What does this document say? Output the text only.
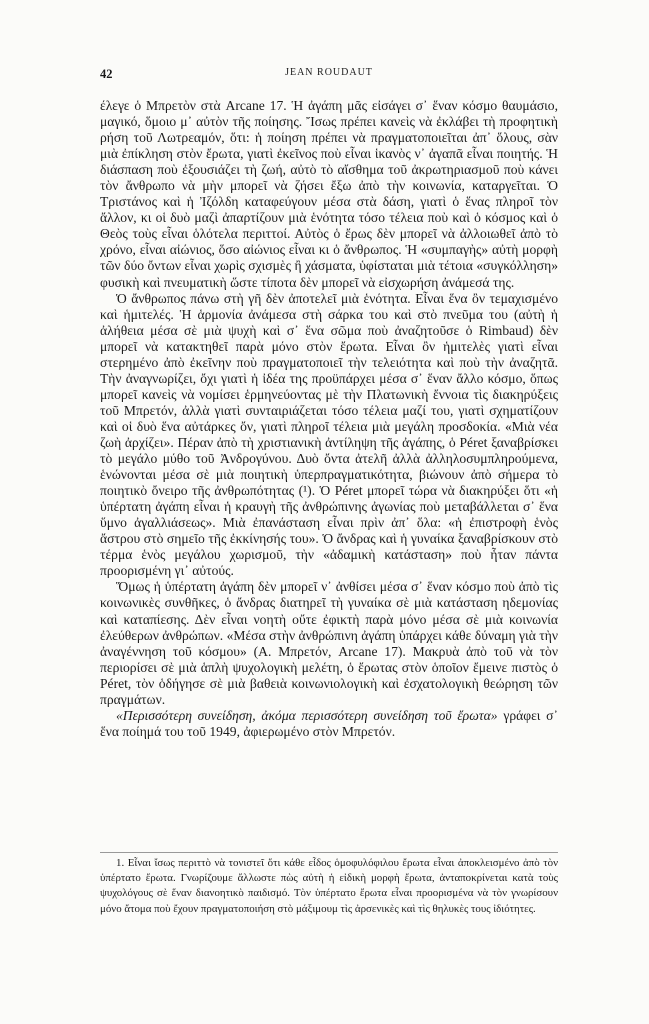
42	JEAN ROUDAUT

έλεγε ὁ Μπρετὸν στὰ Arcane 17. Ἡ ἀγάπη μᾶς εἰσάγει σ᾽ ἕναν κόσμο θαυμάσιο, μαγικό, ὅμοιο μ᾽ αὐτὸν τῆς ποίησης. Ἴσως πρέπει κανεὶς νὰ ἐκλάβει τὴ προφητικὴ ρήση τοῦ Λωτρεαμόν, ὅτι: ἡ ποίηση πρέπει νὰ πραγματοποιεῖται ἀπ᾽ ὅλους, σὰν μιὰ ἐπίκληση στὸν ἔρωτα, γιατὶ ἐκεῖνος ποὺ εἶναι ἱκανὸς ν᾽ ἀγαπᾶ εἶναι ποιητής. Ἡ διάσπαση ποὺ ἐξουσιάζει τὴ ζωή, αὐτὸ τὸ αἴσθημα τοῦ ἀκρωτηριασμοῦ ποὺ κάνει τὸν ἄνθρωπο νὰ μὴν μπορεῖ νὰ ζήσει ἔξω ἀπὸ τὴν κοινωνία, καταργεῖται. Ὁ Τριστάνος καὶ ἡ Ἰζόλδη καταφεύγουν μέσα στὰ δάση, γιατὶ ὁ ἕνας πληροῖ τὸν ἄλλον, κι οἱ δυὸ μαζὶ ἀπαρτίζουν μιὰ ἑνότητα τόσο τέλεια ποὺ καὶ ὁ κόσμος καὶ ὁ Θεὸς τοὺς εἶναι ὁλότελα περιττοί. Αὐτὸς ὁ ἔρως δὲν μπορεῖ νὰ ἀλλοιωθεῖ ἀπὸ τὸ χρόνο, εἶναι αἰώνιος, ὅσο αἰώνιος εἶναι κι ὁ ἄνθρωπος. Ἡ «συμπαγὴς» αὐτὴ μορφὴ τῶν δύο ὄντων εἶναι χωρὶς σχισμὲς ἢ χάσματα, ὑφίσταται μιὰ τέτοια «συγκόλληση» φυσικὴ καὶ πνευματικὴ ὥστε τίποτα δὲν μπορεῖ νὰ εἰσχωρήση ἀνάμεσά της.

Ὁ ἄνθρωπος πάνω στὴ γῆ δὲν ἀποτελεῖ μιὰ ἑνότητα. Εἶναι ἕνα ὂν τεμαχισμένο καὶ ἡμιτελές. Ἡ ἁρμονία ἀνάμεσα στὴ σάρκα του καὶ στὸ πνεῦμα του (αὐτὴ ἡ ἀλήθεια μέσα σὲ μιὰ ψυχὴ καὶ σ᾽ ἕνα σῶμα ποὺ ἀναζητοῦσε ὁ Rimbaud) δὲν μπορεῖ νὰ κατακτηθεῖ παρὰ μόνο στὸν ἔρωτα. Εἶναι ὂν ἡμιτελὲς γιατὶ εἶναι στερημένο ἀπὸ ἐκεῖνην ποὺ πραγματοποιεῖ τὴν τελειότητα καὶ ποὺ τὴν ἀναζητᾶ. Τὴν ἀναγνωρίζει, ὄχι γιατὶ ἡ ἰδέα της προϋπάρχει μέσα σ᾽ ἕναν ἄλλο κόσμο, ὅπως μπορεῖ κανεὶς νὰ νομίσει ἑρμηνεύοντας μὲ τὴν Πλατωνικὴ ἔννοια τὶς διακηρύξεις τοῦ Μπρετόν, ἀλλὰ γιατὶ συνταιριάζεται τόσο τέλεια μαζί του, γιατὶ σχηματίζουν καὶ οἱ δυὸ ἕνα αὐτάρκες ὄν, γιατὶ πληροῖ τέλεια μιὰ μεγάλη προσδοκία. «Μιὰ νέα ζωὴ ἀρχίζει». Πέραν ἀπὸ τὴ χριστιανικὴ ἀντίληψη τῆς ἀγάπης, ὁ Péret ξαναβρίσκει τὸ μεγάλο μύθο τοῦ Ἀνδρογύνου. Δυὸ ὄντα ἀτελῆ ἀλλὰ ἀλληλοσυμπληρούμενα, ἑνώνονται μέσα σὲ μιὰ ποιητικὴ ὑπερπραγματικότητα, βιώνουν ἀπὸ σήμερα τὸ ποιητικὸ ὄνειρο τῆς ἀνθρωπότητας (¹). Ὁ Péret μπορεῖ τώρα νὰ διακηρύξει ὅτι «ἡ ὑπέρτατη ἀγάπη εἶναι ἡ κραυγὴ τῆς ἀνθρώπινης ἀγωνίας ποὺ μεταβάλλεται σ᾽ ἕνα ὕμνο ἀγαλλιάσεως». Μιὰ ἐπανάσταση εἶναι πρὶν ἀπ᾽ ὅλα: «ἡ ἐπιστροφὴ ἑνὸς ἄστρου στὸ σημεῖο τῆς ἐκκίνησής του». Ὁ ἄνδρας καὶ ἡ γυναίκα ξαναβρίσκουν στὸ τέρμα ἑνὸς μεγάλου χωρισμοῦ, τὴν «ἀδαμικὴ κατάσταση» ποὺ ἦταν πάντα προορισμένη γι᾽ αὐτούς.

Ὅμως ἡ ὑπέρτατη ἀγάπη δὲν μπορεῖ ν᾽ ἀνθίσει μέσα σ᾽ ἕναν κόσμο ποὺ ἀπὸ τὶς κοινωνικὲς συνθῆκες, ὁ ἄνδρας διατηρεῖ τὴ γυναίκα σὲ μιὰ κατάσταση ηδεμονίας καὶ καταπίεσης. Δὲν εἶναι νοητὴ οὔτε ἐφικτὴ παρὰ μόνο μέσα σὲ μιὰ κοινωνία ἐλεύθερων ἀνθρώπων. «Μέσα στὴν ἀνθρώπινη ἀγάπη ὑπάρχει κάθε δύναμη γιὰ τὴν ἀναγέννηση τοῦ κόσμου» (A. Μπρετόν, Arcane 17). Μακρυὰ ἀπὸ τοῦ νὰ τὸν περιορίσει σὲ μιὰ ἁπλὴ ψυχολογικὴ μελέτη, ὁ ἔρωτας στὸν ὁποῖον ἔμεινε πιστὸς ὁ Péret, τὸν ὁδήγησε σὲ μιὰ βαθειὰ κοινωνιολογικὴ καὶ ἐσχατολογικὴ θεώρηση τῶν πραγμάτων.

«Περισσότερη συνείδηση, ἀκόμα περισσότερη συνείδηση τοῦ ἔρωτα» γράφει σ᾽ ἕνα ποίημά του τοῦ 1949, ἀφιερωμένο στὸν Μπρετόν.

1. Εἶναι ἴσως περιττὸ νὰ τονιστεῖ ὅτι κάθε εἶδος ὁμοφυλόφιλου ἔρωτα εἶναι ἀποκλεισμένο ἀπὸ τὸν ὑπέρτατο ἔρωτα. Γνωρίζουμε ἄλλωστε πὼς αὐτὴ ἡ εἰδικὴ μορφὴ ἔρωτα, ἀνταποκρίνεται κατὰ τοὺς ψυχολόγους σὲ ἕναν διανοητικὸ παιδισμό. Τὸν ὑπέρτατο ἔρωτα εἶναι προορισμένα νὰ τὸν γνωρίσουν μόνο ἄτομα ποὺ ἔχουν πραγματοποιήση στὸ μάξιμουμ τὶς ἀρσενικὲς καὶ τὶς θηλυκὲς τους ἰδιότητες.
